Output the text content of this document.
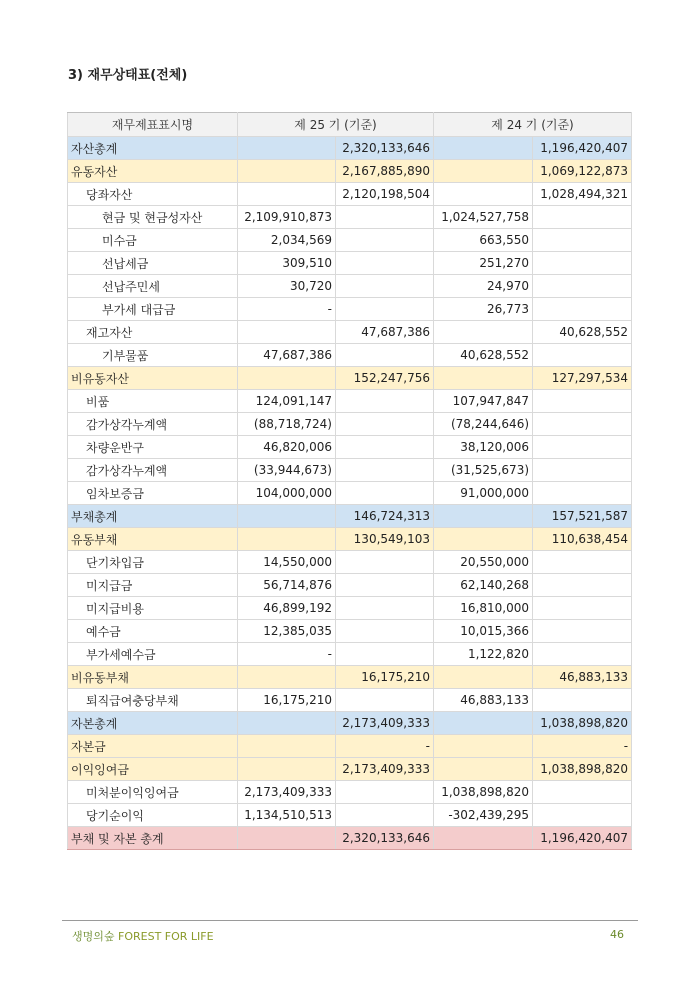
3) 재무상태표(전체)
재무제표표시명	제 25 기 (기준)		제 24 기 (기준)	
자산총계		2,320,133,646		1,196,420,407
유동자산		2,167,885,890		1,069,122,873
당좌자산		2,120,198,504		1,028,494,321
현금 및 현금성자산	2,109,910,873		1,024,527,758	
미수금	2,034,569		663,550	
선납세금	309,510		251,270	
선납주민세	30,720		24,970	
부가세 대급금	-		26,773	
재고자산		47,687,386		40,628,552
기부물품	47,687,386		40,628,552	
비유동자산		152,247,756		127,297,534
비품	124,091,147		107,947,847	
감가상각누계액	(88,718,724)		(78,244,646)	
차량운반구	46,820,006		38,120,006	
감가상각누계액	(33,944,673)		(31,525,673)	
임차보증금	104,000,000		91,000,000	
부채총계		146,724,313		157,521,587
유동부채		130,549,103		110,638,454
단기차입금	14,550,000		20,550,000	
미지급금	56,714,876		62,140,268	
미지급비용	46,899,192		16,810,000	
예수금	12,385,035		10,015,366	
부가세예수금	-		1,122,820	
비유동부채		16,175,210		46,883,133
퇴직급여충당부채	16,175,210		46,883,133	
자본총계		2,173,409,333		1,038,898,820
자본금		-		-
이익잉여금		2,173,409,333		1,038,898,820
미처분이익잉여금	2,173,409,333		1,038,898,820	
당기순이익	1,134,510,513		-302,439,295	
부채 및 자본 총계		2,320,133,646		1,196,420,407
생명의숲 FOREST FOR LIFE	46
